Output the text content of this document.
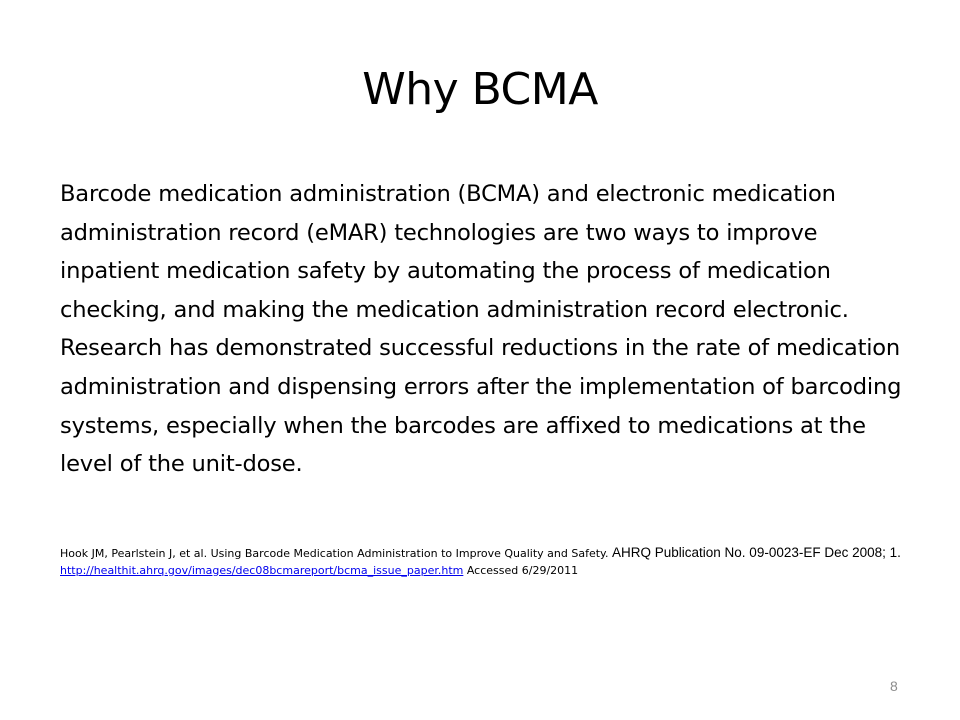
Why BCMA

Barcode medication administration (BCMA) and electronic medication administration record (eMAR) technologies are two ways to improve inpatient medication safety by automating the process of medication checking, and making the medication administration record electronic. Research has demonstrated successful reductions in the rate of medication administration and dispensing errors after the implementation of barcoding systems, especially when the barcodes are affixed to medications at the level of the unit-dose.

Hook JM, Pearlstein J, et al. Using Barcode Medication Administration to Improve Quality and Safety. AHRQ Publication No. 09-0023-EF Dec 2008; 1. http://healthit.ahrq.gov/images/dec08bcmareport/bcma_issue_paper.htm Accessed 6/29/2011

8
